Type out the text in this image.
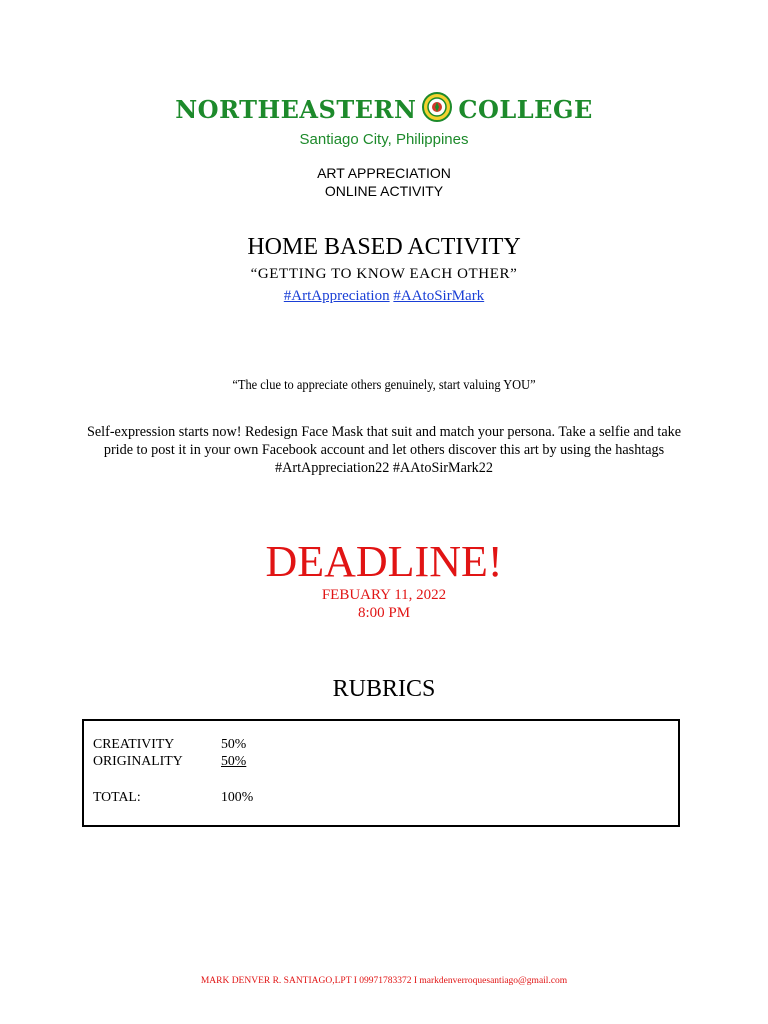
NORTHEASTERN COLLEGE
Santiago City, Philippines
ART APPRECIATION
ONLINE ACTIVITY
HOME BASED ACTIVITY
“GETTING TO KNOW EACH OTHER”
#ArtAppreciation #AAtoSirMark
“The clue to appreciate others genuinely, start valuing YOU”
Self-expression starts now! Redesign Face Mask that suit and match your persona. Take a selfie and take pride to post it in your own Facebook account and let others discover this art by using the hashtags #ArtAppreciation22 #AAtoSirMark22
DEADLINE!
FEBUARY 11, 2022
8:00 PM
RUBRICS
CREATIVITY	50%
ORIGINALITY	50%
TOTAL:	100%
MARK DENVER R. SANTIAGO,LPT I 09971783372 I markdenverroquesantiago@gmail.com
